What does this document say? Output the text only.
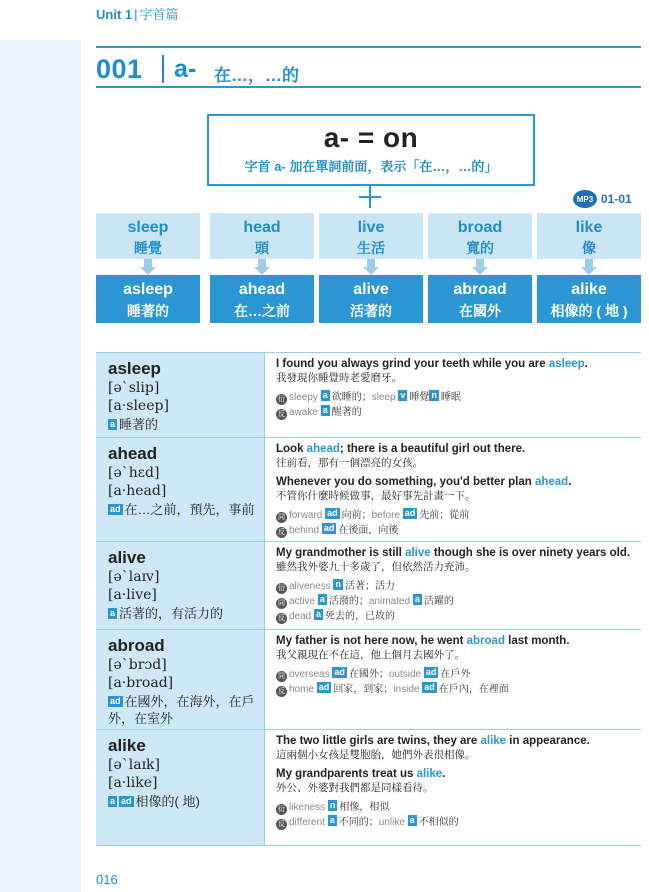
Unit 1 | 字首篇
001 a- 在…，…的
a- = on
字首 a- 加在單詞前面，表示「在…，…的」
MP3 01-01
sleep
睡覺
asleep
睡著的
head
頭
ahead
在…之前
live
生活
alive
活著的
broad
寬的
abroad
在國外
like
像
alike
相像的 ( 地 )
asleep
[əˋslip]
[a·sleep]
a 睡著的
I found you always grind your teeth while you are asleep.
我發現你睡覺時老愛磨牙。
衍 sleepy a 欲睡的；sleep v 睡覺 n 睡眠
反 awake a 醒著的
ahead
[əˋhɛd]
[a·head]
ad 在…之前，預先，事前
Look ahead; there is a beautiful girl out there.
往前看，那有一個漂亮的女孩。
Whenever you do something, you'd better plan ahead.
不管你什麼時候做事，最好事先計畫一下。
同 forward ad 向前；before ad 先前；從前
反 behind ad 在後面，向後
alive
[əˋlaɪv]
[a·live]
a 活著的，有活力的
My grandmother is still alive though she is over ninety years old.
雖然我外婆九十多歲了，但依然活力充沛。
衍 aliveness n 活著；活力
同 active a 活潑的；animated a 活躍的
反 dead a 死去的，已故的
abroad
[əˋbrɔd]
[a·broad]
ad 在國外，在海外，在戶外，在室外
My father is not here now, he went abroad last month.
我父親現在不在這，他上個月去國外了。
同 overseas ad 在國外；outside ad 在戶外
反 home ad 回家，到家；inside ad 在戶內，在裡面
alike
[əˋlaɪk]
[a·like]
a ad 相像的( 地)
The two little girls are twins, they are alike in appearance.
這兩個小女孩是雙胞胎，她們外表很相像。
My grandparents treat us alike.
外公、外婆對我們都是同樣看待。
衍 likeness n 相像，相似
反 different a 不同的；unlike a 不相似的
016
